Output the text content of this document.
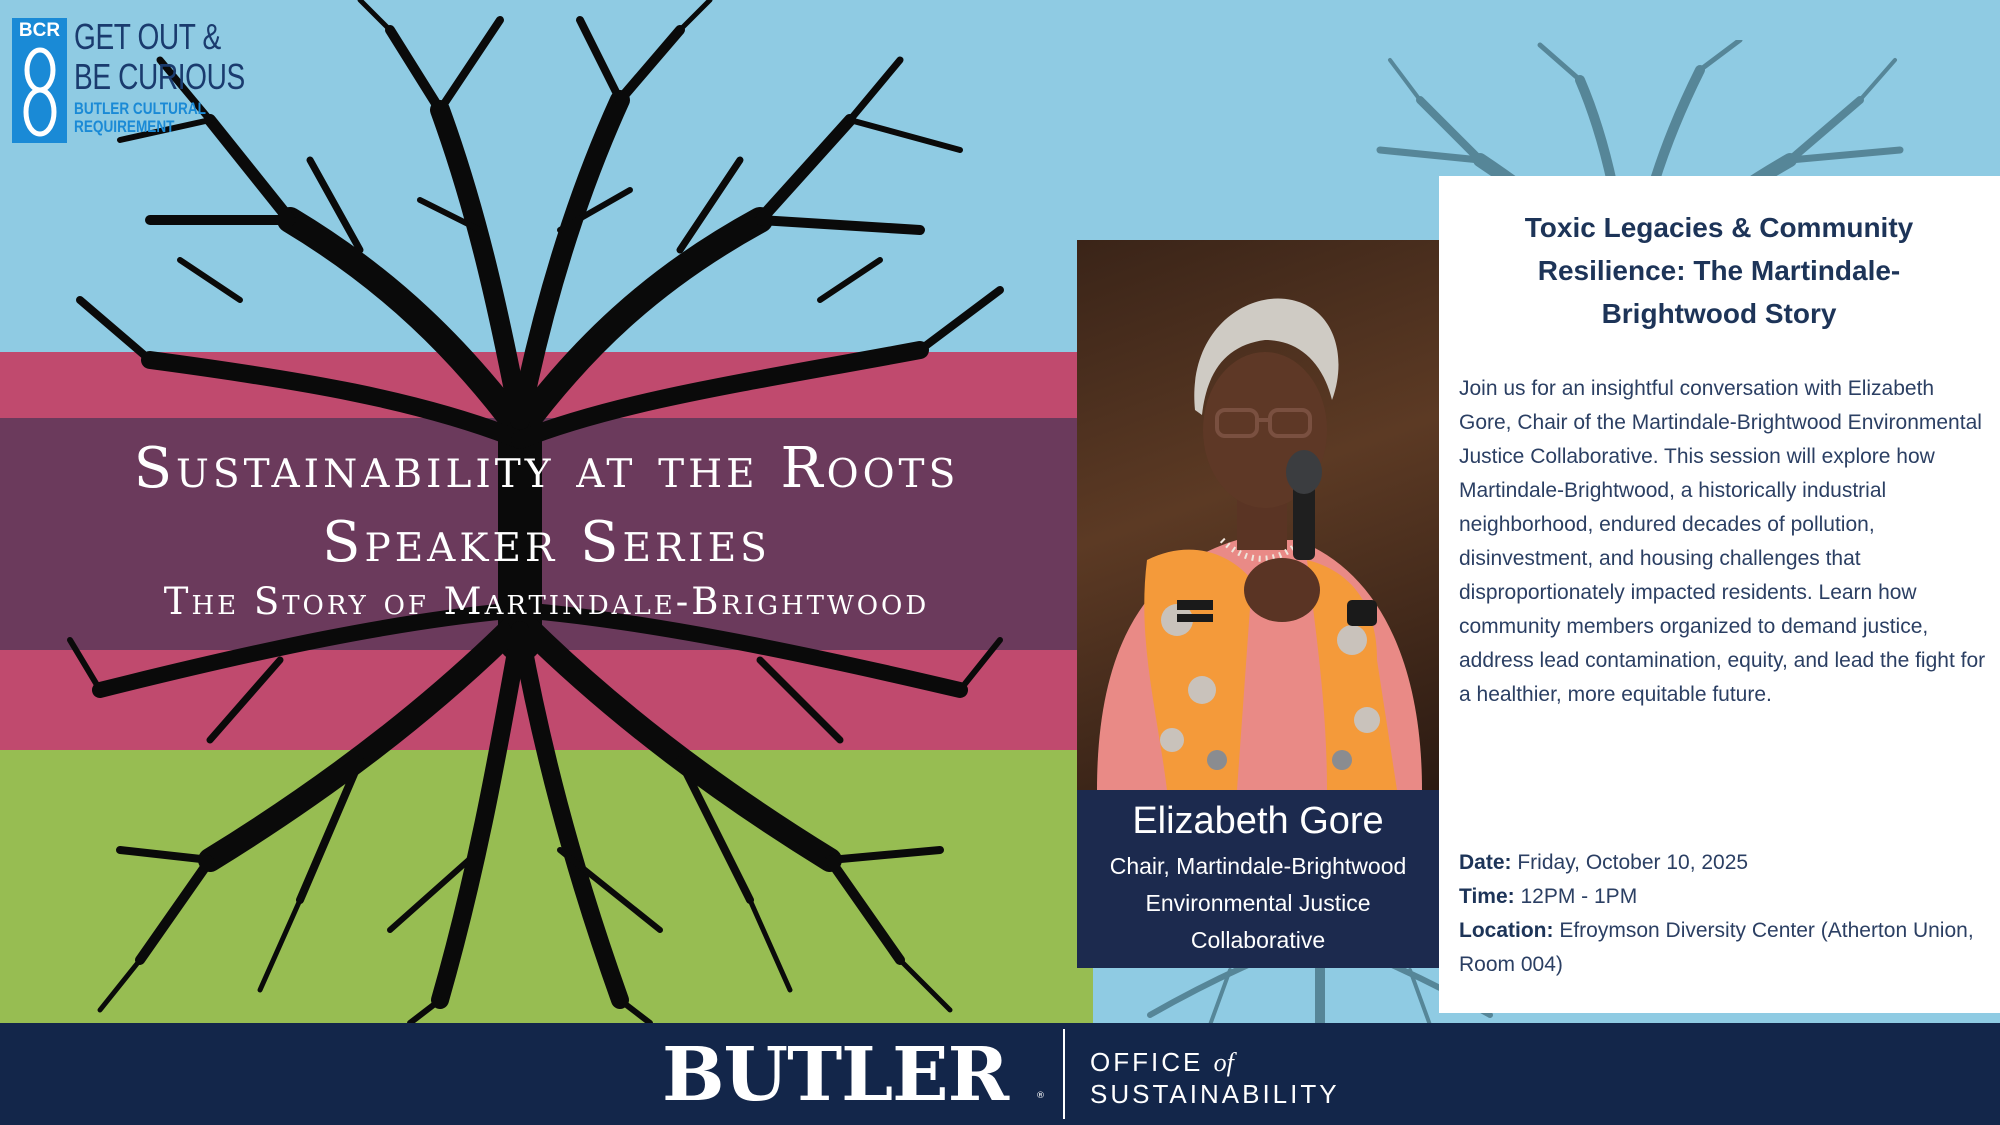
BCR GET OUT &
BE CURIOUS
BUTLER CULTURAL
REQUIREMENT
Sustainability at the Roots
Speaker Series
The Story of Martindale-Brightwood
Elizabeth Gore
Chair, Martindale-Brightwood
Environmental Justice
Collaborative
Toxic Legacies & Community Resilience: The Martindale-Brightwood Story
Join us for an insightful conversation with Elizabeth Gore, Chair of the Martindale-Brightwood Environmental Justice Collaborative. This session will explore how Martindale-Brightwood, a historically industrial neighborhood, endured decades of pollution, disinvestment, and housing challenges that disproportionately impacted residents. Learn how community members organized to demand justice, address lead contamination, equity, and lead the fight for a healthier, more equitable future.
Date: Friday, October 10, 2025
Time: 12PM - 1PM
Location: Efroymson Diversity Center (Atherton Union, Room 004)
BUTLER	®
OFFICE of
SUSTAINABILITY
